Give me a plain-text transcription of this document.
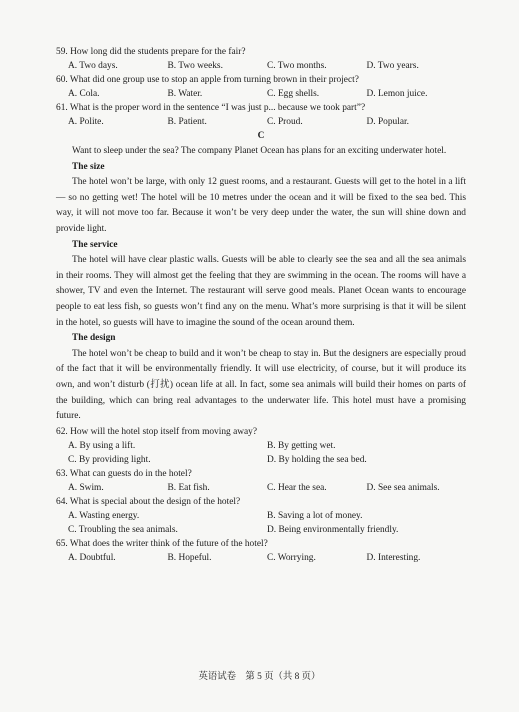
59. How long did the students prepare for the fair?
A. Two days.	B. Two weeks.	C. Two months.	D. Two years.
60. What did one group use to stop an apple from turning brown in their project?
A. Cola.	B. Water.	C. Egg shells.	D. Lemon juice.
61. What is the proper word in the sentence “I was just p... because we took part”?
A. Polite.	B. Patient.	C. Proud.	D. Popular.
C

Want to sleep under the sea? The company Planet Ocean has plans for an exciting underwater hotel.

The size

The hotel won’t be large, with only 12 guest rooms, and a restaurant. Guests will get to the hotel in a lift — so no getting wet! The hotel will be 10 metres under the ocean and it will be fixed to the sea bed. This way, it will not move too far. Because it won’t be very deep under the water, the sun will shine down and provide light.

The service

The hotel will have clear plastic walls. Guests will be able to clearly see the sea and all the sea animals in their rooms. They will almost get the feeling that they are swimming in the ocean. The rooms will have a shower, TV and even the Internet. The restaurant will serve good meals. Planet Ocean wants to encourage people to eat less fish, so guests won’t find any on the menu. What’s more surprising is that it will be silent in the hotel, so guests will have to imagine the sound of the ocean around them.

The design

The hotel won’t be cheap to build and it won’t be cheap to stay in. But the designers are especially proud of the fact that it will be environmentally friendly. It will use electricity, of course, but it will produce its own, and won’t disturb (打扰) ocean life at all. In fact, some sea animals will build their homes on parts of the building, which can bring real advantages to the underwater life. This hotel must have a promising future.

62. How will the hotel stop itself from moving away?
A. By using a lift.	B. By getting wet.
C. By providing light.	D. By holding the sea bed.
63. What can guests do in the hotel?
A. Swim.	B. Eat fish.	C. Hear the sea.	D. See sea animals.
64. What is special about the design of the hotel?
A. Wasting energy.	B. Saving a lot of money.
C. Troubling the sea animals.	D. Being environmentally friendly.
65. What does the writer think of the future of the hotel?
A. Doubtful.	B. Hopeful.	C. Worrying.	D. Interesting.
英语试卷　第 5 页（共 8 页）
